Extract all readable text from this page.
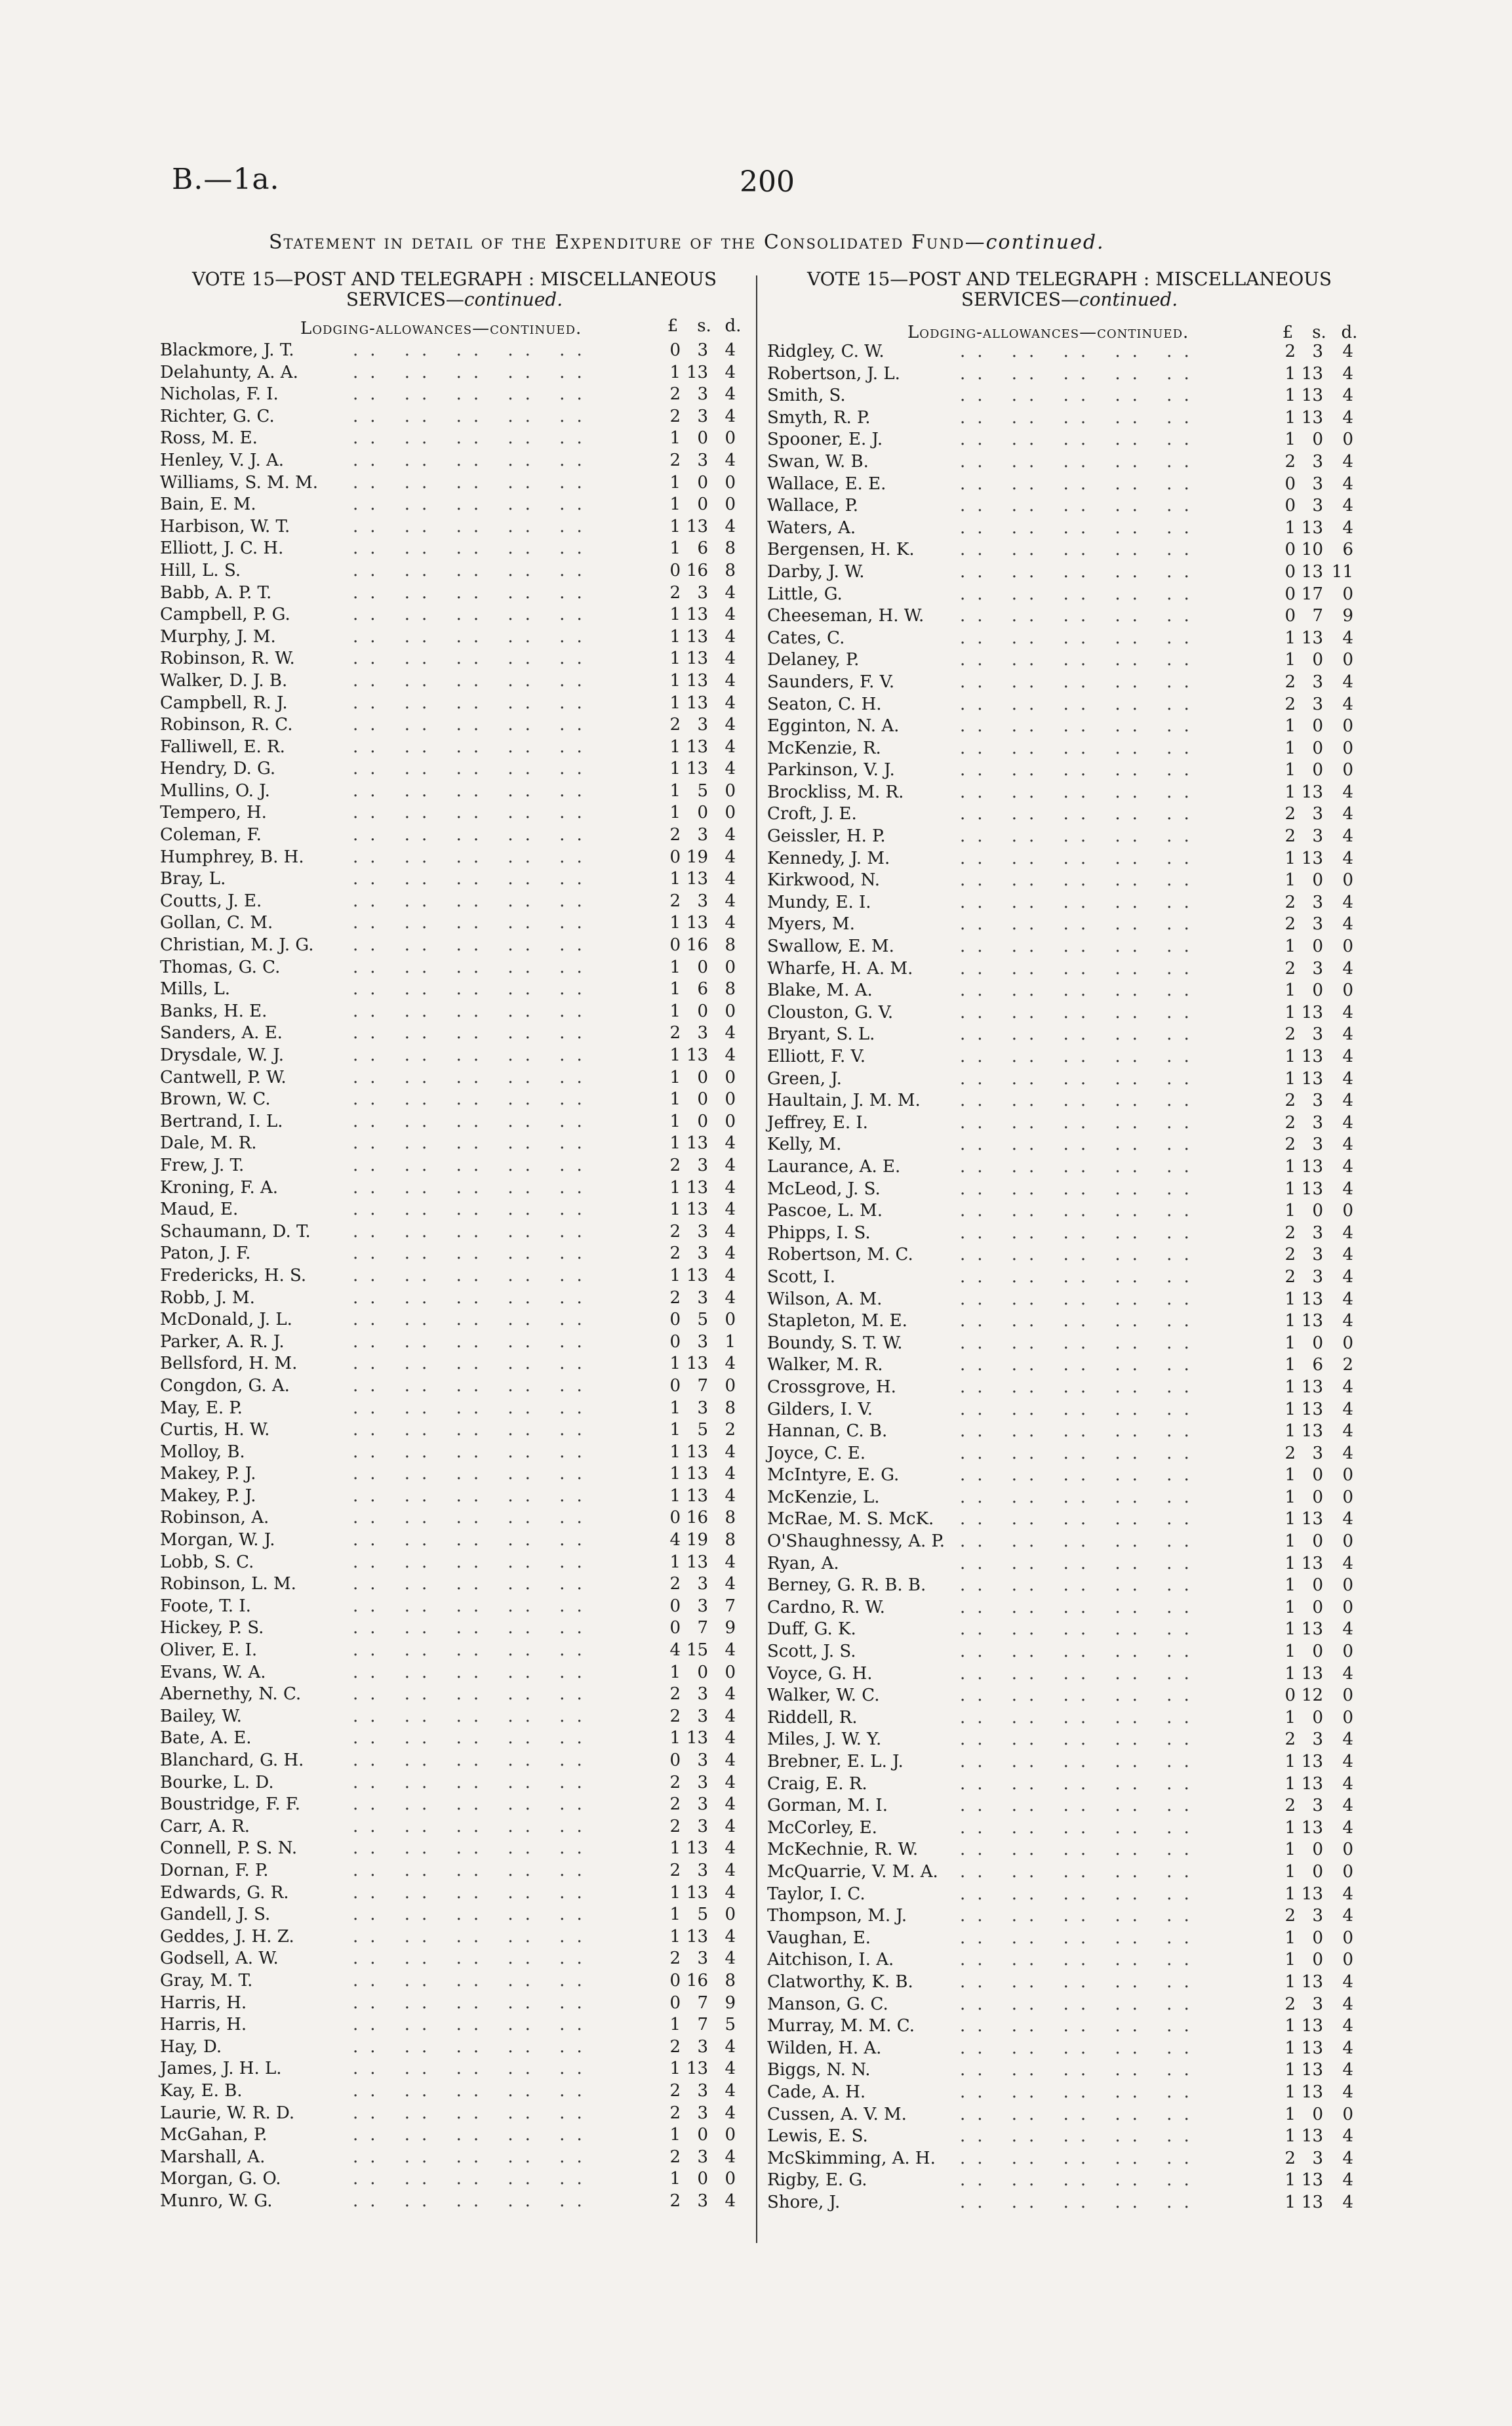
B.—1a.	200
Statement in detail of the Expenditure of the Consolidated Fund—continued.
VOTE 15—POST AND TELEGRAPH : MISCELLANEOUS
SERVICES—continued.
Lodging-allowances—continued.	£	s. d.
Blackmore, J. T.	.. .. .. .. ..	0 3 4
Delahunty, A. A.	.. .. .. .. ..	1 13 4
Nicholas, F. I.	.. .. .. .. ..	2 3 4
Richter, G. C.	.. .. .. .. ..	2 3 4
Ross, M. E.	.. .. .. .. ..	1 0 0
Henley, V. J. A.	.. .. .. .. ..	2 3 4
Williams, S. M. M. .. .. .. .. ..	1 0 0
Bain, E. M.	.. .. .. .. ..	1 0 0
Harbison, W. T.	.. .. .. .. ..	1 13 4
Elliott, J. C. H.	.. .. .. .. ..	1 6 8
Hill, L. S.	.. .. .. .. ..	0 16 8
Babb, A. P. T.	.. .. .. .. ..	2 3 4
Campbell, P. G.	.. .. .. .. ..	1 13 4
Murphy, J. M.	.. .. .. .. ..	1 13 4
Robinson, R. W.	.. .. .. .. ..	1 13 4
Walker, D. J. B.	.. .. .. .. ..	1 13 4
Campbell, R. J.	.. .. .. .. ..	1 13 4
Robinson, R. C.	.. .. .. .. ..	2 3 4
Falliwell, E. R.	.. .. .. .. ..	1 13 4
Hendry, D. G.	.. .. .. .. ..	1 13 4
Mullins, O. J.	.. .. .. .. ..	1 5 0
Tempero, H.	.. .. .. .. ..	1 0 0
Coleman, F.	.. .. .. .. ..	2 3 4
Humphrey, B. H.	.. .. .. .. ..	0 19 4
Bray, L.	.. .. .. .. ..	1 13 4
Coutts, J. E.	.. .. .. .. ..	2 3 4
Gollan, C. M.	.. .. .. .. ..	1 13 4
Christian, M. J. G. .. .. .. .. ..	0 16 8
Thomas, G. C.	.. .. .. .. ..	1 0 0
Mills, L.	.. .. .. .. ..	1 6 8
Banks, H. E.	.. .. .. .. ..	1 0 0
Sanders, A. E.	.. .. .. .. ..	2 3 4
Drysdale, W. J.	.. .. .. .. ..	1 13 4
Cantwell, P. W.	.. .. .. .. ..	1 0 0
Brown, W. C.	.. .. .. .. ..	1 0 0
Bertrand, I. L.	.. .. .. .. ..	1 0 0
Dale, M. R.	.. .. .. .. ..	1 13 4
Frew, J. T.	.. .. .. .. ..	2 3 4
Kroning, F. A.	.. .. .. .. ..	1 13 4
Maud, E.	.. .. .. .. ..	1 13 4
Schaumann, D. T. .. .. .. .. ..	2 3 4
Paton, J. F.	.. .. .. .. ..	2 3 4
Fredericks, H. S.	.. .. .. .. ..	1 13 4
Robb, J. M.	.. .. .. .. ..	2 3 4
McDonald, J. L.	.. .. .. .. ..	0 5 0
Parker, A. R. J.	.. .. .. .. ..	0 3 1
Bellsford, H. M.	.. .. .. .. ..	1 13 4
Congdon, G. A.	.. .. .. .. ..	0 7 0
May, E. P.	.. .. .. .. ..	1 3 8
Curtis, H. W.	.. .. .. .. ..	1 5 2
Molloy, B.	.. .. .. .. ..	1 13 4
Makey, P. J.	.. .. .. .. ..	1 13 4
Makey, P. J.	.. .. .. .. ..	1 13 4
Robinson, A.	.. .. .. .. ..	0 16 8
Morgan, W. J.	.. .. .. .. ..	4 19 8
Lobb, S. C.	.. .. .. .. ..	1 13 4
Robinson, L. M.	.. .. .. .. ..	2 3 4
Foote, T. I.	.. .. .. .. ..	0 3 7
Hickey, P. S.	.. .. .. .. ..	0 7 9
Oliver, E. I.	.. .. .. .. ..	4 15 4
Evans, W. A.	.. .. .. .. ..	1 0 0
Abernethy, N. C.	.. .. .. .. ..	2 3 4
Bailey, W.	.. .. .. .. ..	2 3 4
Bate, A. E.	.. .. .. .. ..	1 13 4
Blanchard, G. H.	.. .. .. .. ..	0 3 4
Bourke, L. D.	.. .. .. .. ..	2 3 4
Boustridge, F. F.	.. .. .. .. ..	2 3 4
Carr, A. R.	.. .. .. .. ..	2 3 4
Connell, P. S. N.	.. .. .. .. ..	1 13 4
Dornan, F. P.	.. .. .. .. ..	2 3 4
Edwards, G. R.	.. .. .. .. ..	1 13 4
Gandell, J. S.	.. .. .. .. ..	1 5 0
Geddes, J. H. Z.	.. .. .. .. ..	1 13 4
Godsell, A. W.	.. .. .. .. ..	2 3 4
Gray, M. T.	.. .. .. .. ..	0 16 8
Harris, H.	.. .. .. .. ..	0 7 9
Harris, H.	.. .. .. .. ..	1 7 5
Hay, D.	.. .. .. .. ..	2 3 4
James, J. H. L.	.. .. .. .. ..	1 13 4
Kay, E. B.	.. .. .. .. ..	2 3 4
Laurie, W. R. D.	.. .. .. .. ..	2 3 4
McGahan, P.	.. .. .. .. ..	1 0 0
Marshall, A.	.. .. .. .. ..	2 3 4
Morgan, G. O.	.. .. .. .. ..	1 0 0
Munro, W. G.	.. .. .. .. ..	2 3 4
VOTE 15—POST AND TELEGRAPH : MISCELLANEOUS
SERVICES—continued.
Lodging-allowances—continued.	£	s. d.
Ridgley, C. W.	.. .. .. .. ..	2 3	4
Robertson, J. L.	.. .. .. .. ..	1 13	4
Smith, S.	.. .. .. .. ..	1 13	4
Smyth, R. P.	.. .. .. .. ..	1 13	4
Spooner, E. J.	.. .. .. .. ..	1 0	0
Swan, W. B.	.. .. .. .. ..	2 3	4
Wallace, E. E.	.. .. .. .. ..	0 3	4
Wallace, P.	.. .. .. .. ..	0 3	4
Waters, A.	.. .. .. .. ..	1 13	4
Bergensen, H. K.	.. .. .. .. ..	0 10	6
Darby, J. W.	.. .. .. .. ..	0 13 11
Little, G.	.. .. .. .. ..	0 17	0
Cheeseman, H. W. .. .. .. .. ..	0 7	9
Cates, C.	.. .. .. .. ..	1 13	4
Delaney, P.	.. .. .. .. ..	1 0	0
Saunders, F. V.	.. .. .. .. ..	2 3	4
Seaton, C. H.	.. .. .. .. ..	2 3	4
Egginton, N. A.	.. .. .. .. ..	1 0	0
McKenzie, R.	.. .. .. .. ..	1 0	0
Parkinson, V. J.	.. .. .. .. ..	1 0	0
Brockliss, M. R.	.. .. .. .. ..	1 13	4
Croft, J. E.	.. .. .. .. ..	2 3	4
Geissler, H. P.	.. .. .. .. ..	2 3	4
Kennedy, J. M.	.. .. .. .. ..	1 13	4
Kirkwood, N.	.. .. .. .. ..	1 0	0
Mundy, E. I.	.. .. .. .. ..	2 3	4
Myers, M.	.. .. .. .. ..	2 3	4
Swallow, E. M.	.. .. .. .. ..	1 0	0
Wharfe, H. A. M.	.. .. .. .. ..	2 3	4
Blake, M. A.	.. .. .. .. ..	1 0	0
Clouston, G. V.	.. .. .. .. ..	1 13	4
Bryant, S. L.	.. .. .. .. ..	2 3	4
Elliott, F. V.	.. .. .. .. ..	1 13	4
Green, J.	.. .. .. .. ..	1 13	4
Haultain, J. M. M. .. .. .. .. ..	2 3	4
Jeffrey, E. I.	.. .. .. .. ..	2 3	4
Kelly, M.	.. .. .. .. ..	2 3	4
Laurance, A. E.	.. .. .. .. ..	1 13	4
McLeod, J. S.	.. .. .. .. ..	1 13	4
Pascoe, L. M.	.. .. .. .. ..	1 0	0
Phipps, I. S.	.. .. .. .. ..	2 3	4
Robertson, M. C.	.. .. .. .. ..	2 3	4
Scott, I.	.. .. .. .. ..	2 3	4
Wilson, A. M.	.. .. .. .. ..	1 13	4
Stapleton, M. E.	.. .. .. .. ..	1 13	4
Boundy, S. T. W.	.. .. .. .. ..	1 0	0
Walker, M. R.	.. .. .. .. ..	1 6	2
Crossgrove, H.	.. .. .. .. ..	1 13	4
Gilders, I. V.	.. .. .. .. ..	1 13	4
Hannan, C. B.	.. .. .. .. ..	1 13	4
Joyce, C. E.	.. .. .. .. ..	2 3	4
McIntyre, E. G.	.. .. .. .. ..	1 0	0
McKenzie, L.	.. .. .. .. ..	1 0	0
McRae, M. S. McK. .. .. .. .. ..	1 13	4
O'Shaughnessy, A. P. .. .. .. .. ..	1 0	0
Ryan, A.	.. .. .. .. ..	1 13	4
Berney, G. R. B. B. .. .. .. .. ..	1 0	0
Cardno, R. W.	.. .. .. .. ..	1 0	0
Duff, G. K.	.. .. .. .. ..	1 13	4
Scott, J. S.	.. .. .. .. ..	1 0	0
Voyce, G. H.	.. .. .. .. ..	1 13	4
Walker, W. C.	.. .. .. .. ..	0 12	0
Riddell, R.	.. .. .. .. ..	1 0	0
Miles, J. W. Y.	.. .. .. .. ..	2 3	4
Brebner, E. L. J.	.. .. .. .. ..	1 13	4
Craig, E. R.	.. .. .. .. ..	1 13	4
Gorman, M. I.	.. .. .. .. ..	2 3	4
McCorley, E.	.. .. .. .. ..	1 13	4
McKechnie, R. W. .. .. .. .. ..	1 0	0
McQuarrie, V. M. A. .. .. .. .. ..	1 0	0
Taylor, I. C.	.. .. .. .. ..	1 13	4
Thompson, M. J.	.. .. .. .. ..	2 3	4
Vaughan, E.	.. .. .. .. ..	1 0	0
Aitchison, I. A.	.. .. .. .. ..	1 0	0
Clatworthy, K. B.	.. .. .. .. ..	1 13	4
Manson, G. C.	.. .. .. .. ..	2 3	4
Murray, M. M. C.	.. .. .. .. ..	1 13	4
Wilden, H. A.	.. .. .. .. ..	1 13	4
Biggs, N. N.	.. .. .. .. ..	1 13	4
Cade, A. H.	.. .. .. .. ..	1 13	4
Cussen, A. V. M.	.. .. .. .. ..	1 0	0
Lewis, E. S.	.. .. .. .. ..	1 13	4
McSkimming, A. H. .. .. .. .. ..	2 3	4
Rigby, E. G.	.. .. .. .. ..	1 13	4
Shore, J.	.. .. .. .. ..	1 13	4
